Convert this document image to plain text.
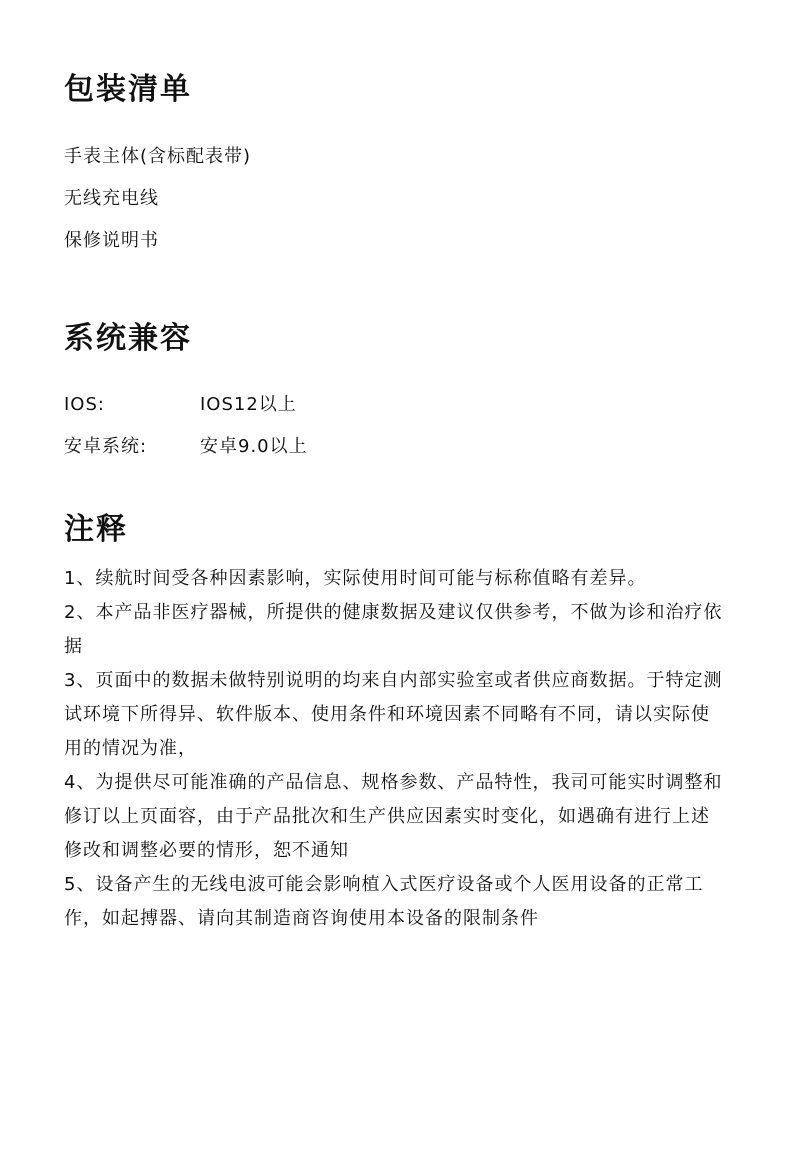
包装清单
手表主体(含标配表带)
无线充电线
保修说明书
系统兼容
IOS:	IOS12以上
安卓系统:	安卓9.0以上
注释

1、续航时间受各种因素影响，实际使用时间可能与标称值略有差异。

2、本产品非医疗器械，所提供的健康数据及建议仅供参考，不做为诊和治疗依据

3、页面中的数据未做特别说明的均来自内部实验室或者供应商数据。于特定测试环境下所得异、软件版本、使用条件和环境因素不同略有不同，请以实际使用的情况为准，

4、为提供尽可能准确的产品信息、规格参数、产品特性，我司可能实时调整和修订以上页面容，由于产品批次和生产供应因素实时变化，如遇确有进行上述修改和调整必要的情形，恕不通知

5、设备产生的无线电波可能会影响植入式医疗设备或个人医用设备的正常工作，如起搏器、请向其制造商咨询使用本设备的限制条件
